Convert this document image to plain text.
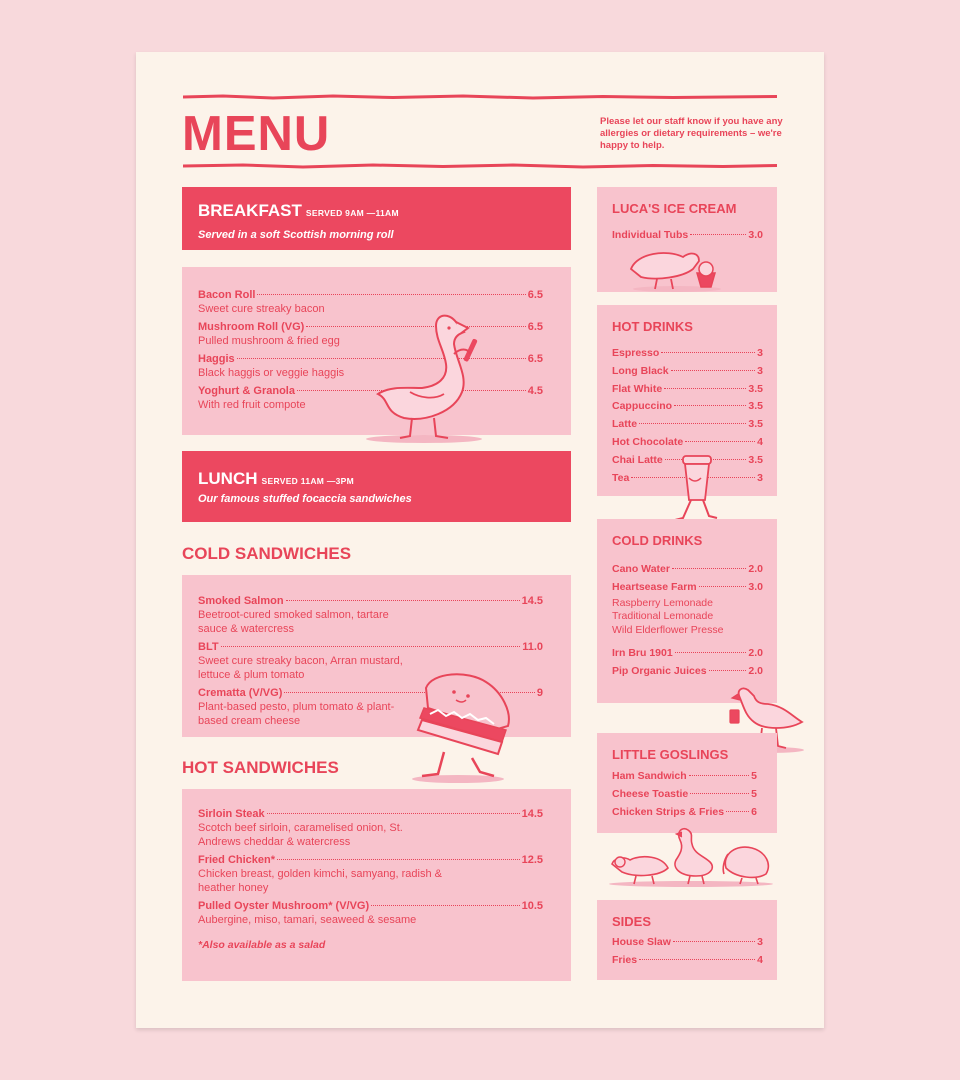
MENU	Please let our staff know if you have any allergies or dietary requirements – we're happy to help.
BREAKFAST SERVED 9AM —11AM
Served in a soft Scottish morning roll
Bacon Roll	6.5
Sweet cure streaky bacon
Mushroom Roll (VG)	6.5
Pulled mushroom & fried egg
Haggis	6.5
Black haggis or veggie haggis
Yoghurt & Granola	4.5
With red fruit compote
LUNCH SERVED 11AM —3PM
Our famous stuffed focaccia sandwiches
COLD SANDWICHES
Smoked Salmon	14.5
Beetroot-cured smoked salmon, tartare sauce & watercress
BLT	11.0
Sweet cure streaky bacon, Arran mustard, lettuce & plum tomato
Crematta (V/VG)	9
Plant-based pesto, plum tomato & plant-based cream cheese
HOT SANDWICHES
Sirloin Steak	14.5
Scotch beef sirloin, caramelised onion, St. Andrews cheddar & watercress
Fried Chicken*	12.5
Chicken breast, golden kimchi, samyang, radish & heather honey
Pulled Oyster Mushroom* (V/VG)	10.5
Aubergine, miso, tamari, seaweed & sesame
*Also available as a salad
LUCA'S ICE CREAM
Individual Tubs	3.0
HOT DRINKS
Espresso	3
Long Black	3
Flat White	3.5
Cappuccino	3.5
Latte	3.5
Hot Chocolate	4
Chai Latte	3.5
Tea	3
COLD DRINKS
Cano Water	2.0
Heartsease Farm	3.0
Raspberry Lemonade
Traditional Lemonade
Wild Elderflower Presse
Irn Bru 1901	2.0
Pip Organic Juices	2.0
LITTLE GOSLINGS
Ham Sandwich	5
Cheese Toastie	5
Chicken Strips & Fries	6
SIDES
House Slaw	3
Fries	4
